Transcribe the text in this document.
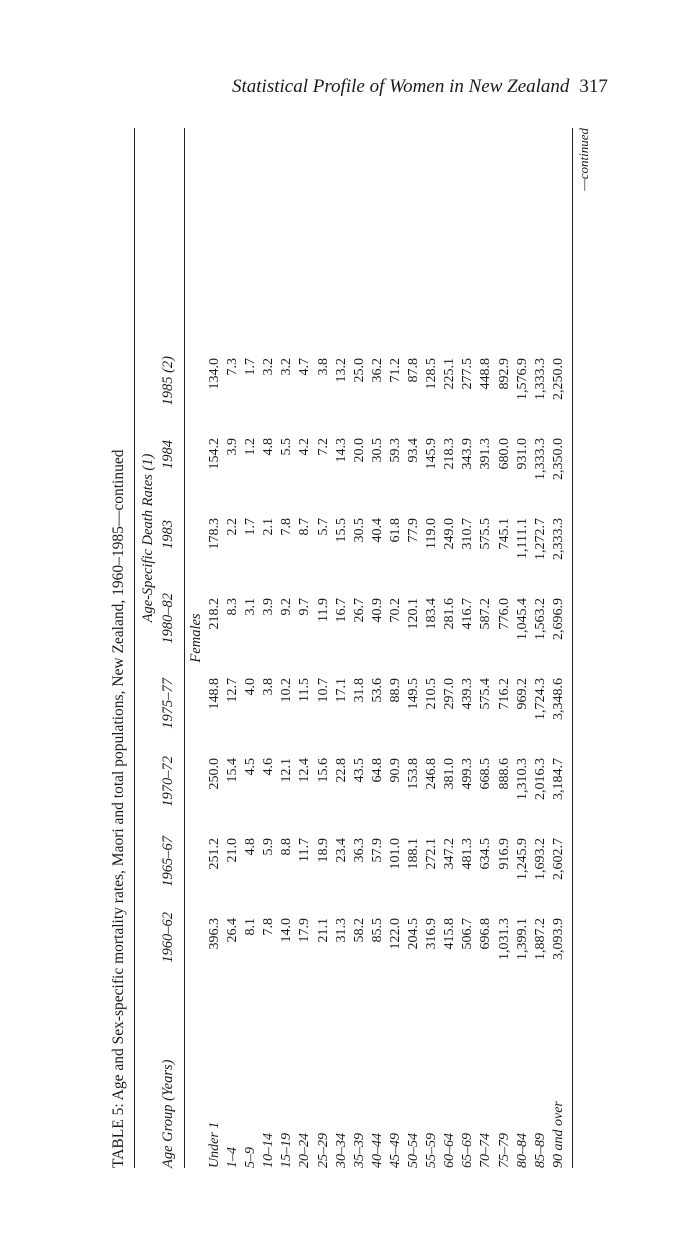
Statistical Profile of Women in New Zealand 317
TABLE 5: Age and Sex-specific mortality rates, Maori and total populations, New Zealand, 1960–1985—continued Age-Specific Death Rates (1)
Age Group (Years)
1960–62
1965–67
1970–72
1975–77
1980–82
1983
1984
1985 (2)
Females
Under 1
396.3
251.2
250.0
148.8
218.2
178.3
154.2
134.0
1–4
26.4
21.0
15.4
12.7
8.3
2.2
3.9
7.3
5–9
8.1
4.8
4.5
4.0
3.1
1.7
1.2
1.7
10–14
7.8
5.9
4.6
3.8
3.9
2.1
4.8
3.2
15–19
14.0
8.8
12.1
10.2
9.2
7.8
5.5
3.2
20–24
17.9
11.7
12.4
11.5
9.7
8.7
4.2
4.7
25–29
21.1
18.9
15.6
10.7
11.9
5.7
7.2
3.8
30–34
31.3
23.4
22.8
17.1
16.7
15.5
14.3
13.2
35–39
58.2
36.3
43.5
31.8
26.7
30.5
20.0
25.0
40–44
85.5
57.9
64.8
53.6
40.9
40.4
30.5
36.2
45–49
122.0
101.0
90.9
88.9
70.2
61.8
59.3
71.2
50–54
204.5
188.1
153.8
149.5
120.1
77.9
93.4
87.8
55–59
316.9
272.1
246.8
210.5
183.4
119.0
145.9
128.5
60–64
415.8
347.2
381.0
297.0
281.6
249.0
218.3
225.1
65–69
506.7
481.3
499.3
439.3
416.7
310.7
343.9
277.5
70–74
696.8
634.5
668.5
575.4
587.2
575.5
391.3
448.8
75–79
1,031.3
916.9
888.6
716.2
776.0
745.1
680.0
892.9
80–84
1,399.1
1,245.9
1,310.3
969.2
1,045.4
1,111.1
931.0
1,576.9
85–89
1,887.2
1,693.2
2,016.3
1,724.3
1,563.2
1,272.7
1,333.3
1,333.3
90 and over
3,093.9
2,602.7
3,184.7
3,348.6
2,696.9
2,333.3
2,350.0
2,250.0
—continued
